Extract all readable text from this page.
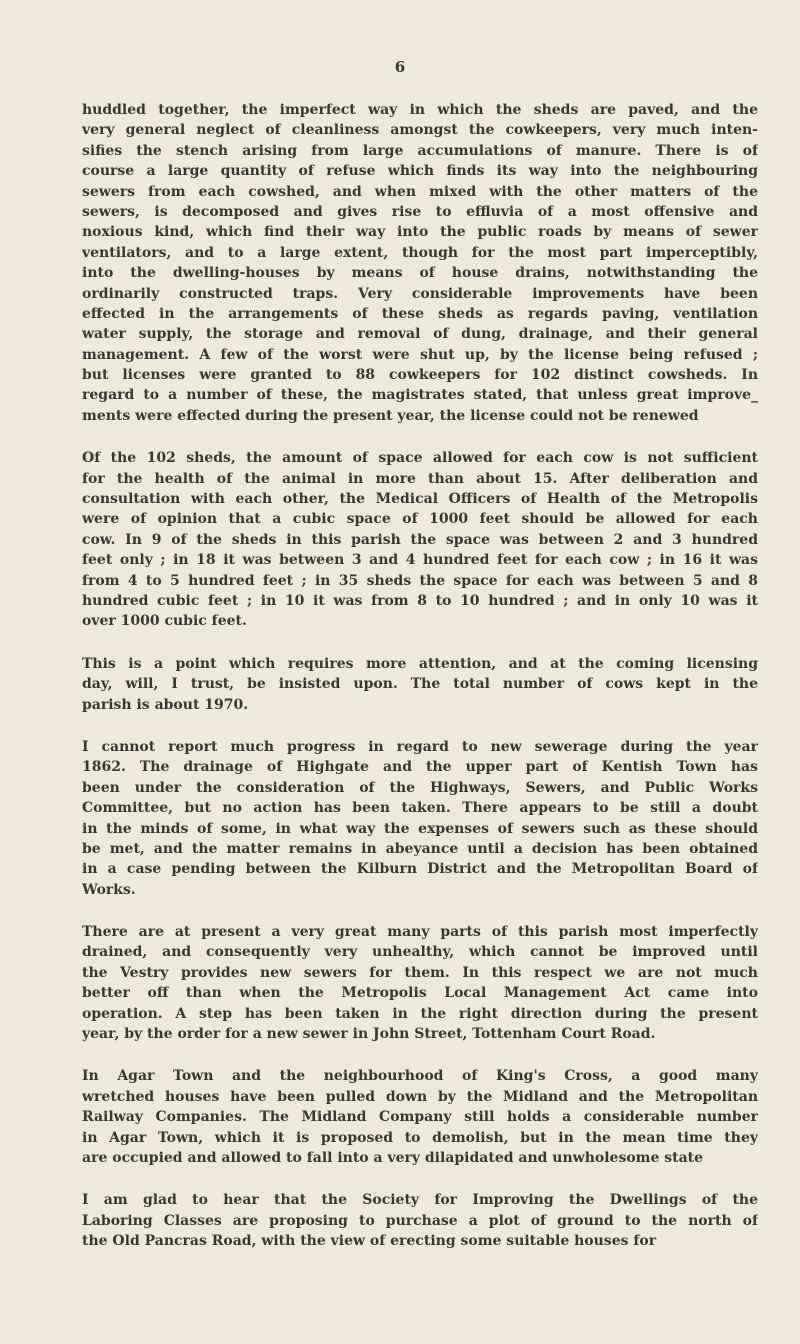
6
huddled together, the imperfect way in which the sheds are paved, and the
very general neglect of cleanliness amongst the cowkeepers, very much inten-
sifies the stench arising from large accumulations of manure. There is of
course a large quantity of refuse which finds its way into the neighbouring
sewers from each cowshed, and when mixed with the other matters of the
sewers, is decomposed and gives rise to effluvia of a most offensive and
noxious kind, which find their way into the public roads by means of sewer
ventilators, and to a large extent, though for the most part imperceptibly,
into the dwelling-houses by means of house drains, notwithstanding the
ordinarily constructed traps. Very considerable improvements have been
effected in the arrangements of these sheds as regards paving, ventilation
water supply, the storage and removal of dung, drainage, and their general
management. A few of the worst were shut up, by the license being refused ;
but licenses were granted to 88 cowkeepers for 102 distinct cowsheds. In
regard to a number of these, the magistrates stated, that unless great improve_
ments were effected during the present year, the license could not be renewed
Of the 102 sheds, the amount of space allowed for each cow is not sufficient
for the health of the animal in more than about 15. After deliberation and
consultation with each other, the Medical Officers of Health of the Metropolis
were of opinion that a cubic space of 1000 feet should be allowed for each
cow. In 9 of the sheds in this parish the space was between 2 and 3 hundred
feet only ; in 18 it was between 3 and 4 hundred feet for each cow ; in 16 it was
from 4 to 5 hundred feet ; in 35 sheds the space for each was between 5 and 8
hundred cubic feet ; in 10 it was from 8 to 10 hundred ; and in only 10 was it
over 1000 cubic feet.
This is a point which requires more attention, and at the coming licensing
day, will, I trust, be insisted upon. The total number of cows kept in the
parish is about 1970.
I cannot report much progress in regard to new sewerage during the year
1862. The drainage of Highgate and the upper part of Kentish Town has
been under the consideration of the Highways, Sewers, and Public Works
Committee, but no action has been taken. There appears to be still a doubt
in the minds of some, in what way the expenses of sewers such as these should
be met, and the matter remains in abeyance until a decision has been obtained
in a case pending between the Kilburn District and the Metropolitan Board of
Works.
There are at present a very great many parts of this parish most imperfectly
drained, and consequently very unhealthy, which cannot be improved until
the Vestry provides new sewers for them. In this respect we are not much
better off than when the Metropolis Local Management Act came into
operation. A step has been taken in the right direction during the present
year, by the order for a new sewer in John Street, Tottenham Court Road.
In Agar Town and the neighbourhood of King's Cross, a good many
wretched houses have been pulled down by the Midland and the Metropolitan
Railway Companies. The Midland Company still holds a considerable number
in Agar Town, which it is proposed to demolish, but in the mean time they
are occupied and allowed to fall into a very dilapidated and unwholesome state
I am glad to hear that the Society for Improving the Dwellings of the
Laboring Classes are proposing to purchase a plot of ground to the north of
the Old Pancras Road, with the view of erecting some suitable houses for
